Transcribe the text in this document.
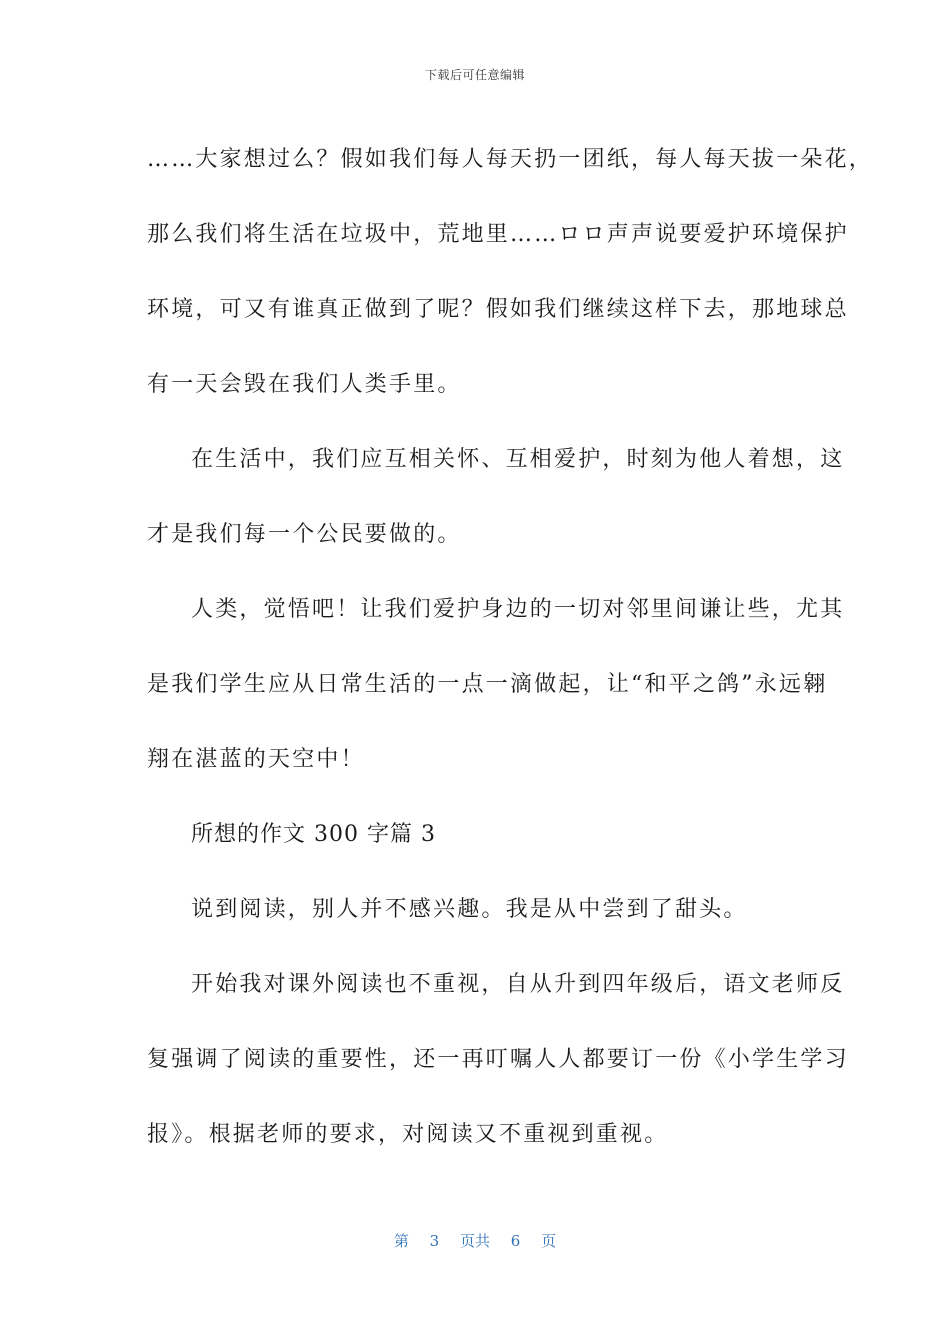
下载后可任意编辑
……大家想过么？假如我们每人每天扔一团纸，每人每天拔一朵花，
那么我们将生活在垃圾中，荒地里……ロロ声声说要爱护环境保护
环境，可又有谁真正做到了呢？假如我们继续这样下去，那地球总
有一天会毁在我们人类手里。
在生活中，我们应互相关怀、互相爱护，时刻为他人着想，这
才是我们每一个公民要做的。
人类，觉悟吧！让我们爱护身边的一切对邻里间谦让些，尤其
是我们学生应从日常生活的一点一滴做起，让“和平之鸽”永远翱
翔在湛蓝的天空中！
所想的作文 300 字篇 3
说到阅读，别人并不感兴趣。我是从中尝到了甜头。
开始我对课外阅读也不重视，自从升到四年级后，语文老师反
复强调了阅读的重要性，还一再叮嘱人人都要订一份《小学生学习
报》。根据老师的要求，对阅读又不重视到重视。
第 3 页共 6 页
